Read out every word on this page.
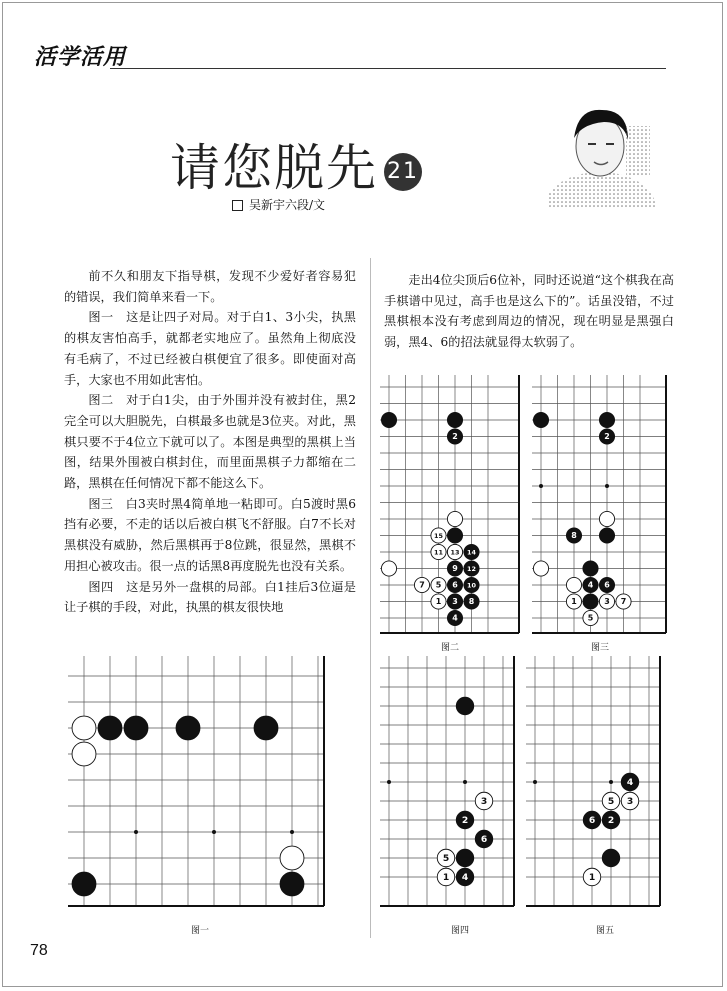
活学活用
请您脱先 21
吴新宇六段/文

前不久和朋友下指导棋，发现不少爱好者容易犯的错误，我们简单来看一下。

图一　这是让四子对局。对于白1、3小尖，执黑的棋友害怕高手，就都老实地应了。虽然角上彻底没有毛病了，不过已经被白棋便宜了很多。即使面对高手，大家也不用如此害怕。

图二　对于白1尖，由于外围并没有被封住，黑2完全可以大胆脱先，白棋最多也就是3位夹。对此，黑棋只要不于4位立下就可以了。本图是典型的黑棋上当图，结果外围被白棋封住，而里面黑棋子力都缩在二路，黑棋在任何情况下都不能这么下。

图三　白3夹时黑4简单地一粘即可。白5渡时黑6挡有必要，不走的话以后被白棋飞不舒服。白7不长对黑棋没有威胁，然后黑棋再于8位跳，很显然，黑棋不用担心被攻击。很一点的话黑8再度脱先也没有关系。

图四　这是另外一盘棋的局部。白1挂后3位逼是让子棋的手段，对此，执黑的棋友很快地

走出4位尖顶后6位补，同时还说道“这个棋我在高手棋谱中见过，高手也是这么下的”。话虽没错，不过黑棋根本没有考虑到周边的情况，现在明显是黑强白弱，黑4、6的招法就显得太软弱了。

2
9
4
15
11 13 14
12
5
7	6 10
1 3 8
图二
2
8
4 6
1	3 7
5
图三
图一
3
2
6
5
1 4
图四
4
5 3
6 2
1
图五
78
